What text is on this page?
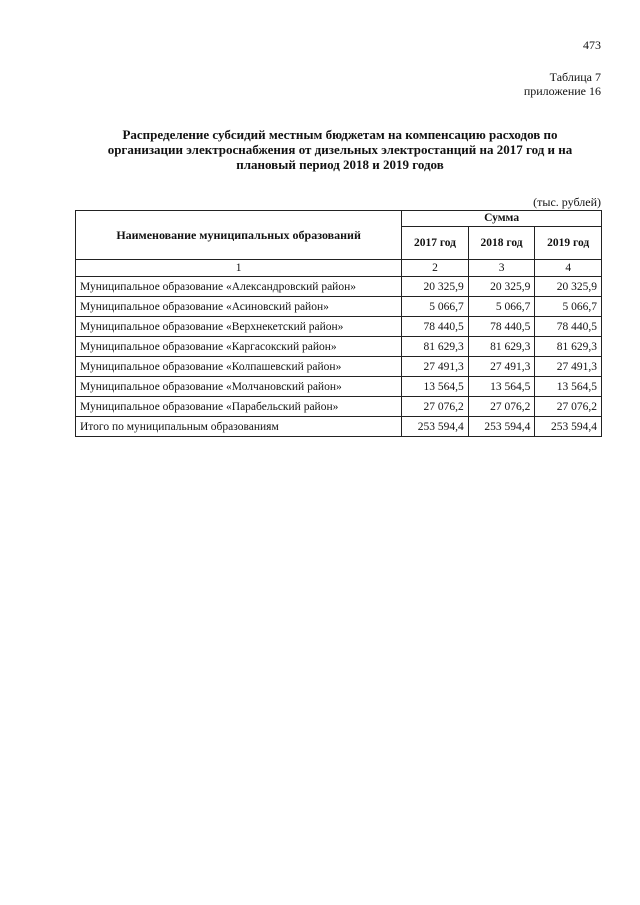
473
Таблица 7
приложение 16
Распределение субсидий местным бюджетам на компенсацию расходов по
организации электроснабжения от дизельных электростанций на 2017 год и на
плановый период 2018 и 2019 годов
(тыс. рублей)
Наименование муниципальных образований	Сумма		
	2017 год	2018 год	2019 год
1	2	3	4
Муниципальное образование «Александровский район»	20 325,9	20 325,9	20 325,9
Муниципальное образование «Асиновский район»	5 066,7	5 066,7	5 066,7
Муниципальное образование «Верхнекетский район»	78 440,5	78 440,5	78 440,5
Муниципальное образование «Каргасокский район»	81 629,3	81 629,3	81 629,3
Муниципальное образование «Колпашевский район»	27 491,3	27 491,3	27 491,3
Муниципальное образование «Молчановский район»	13 564,5	13 564,5	13 564,5
Муниципальное образование «Парабельский район»	27 076,2	27 076,2	27 076,2
Итого по муниципальным образованиям	253 594,4	253 594,4	253 594,4
